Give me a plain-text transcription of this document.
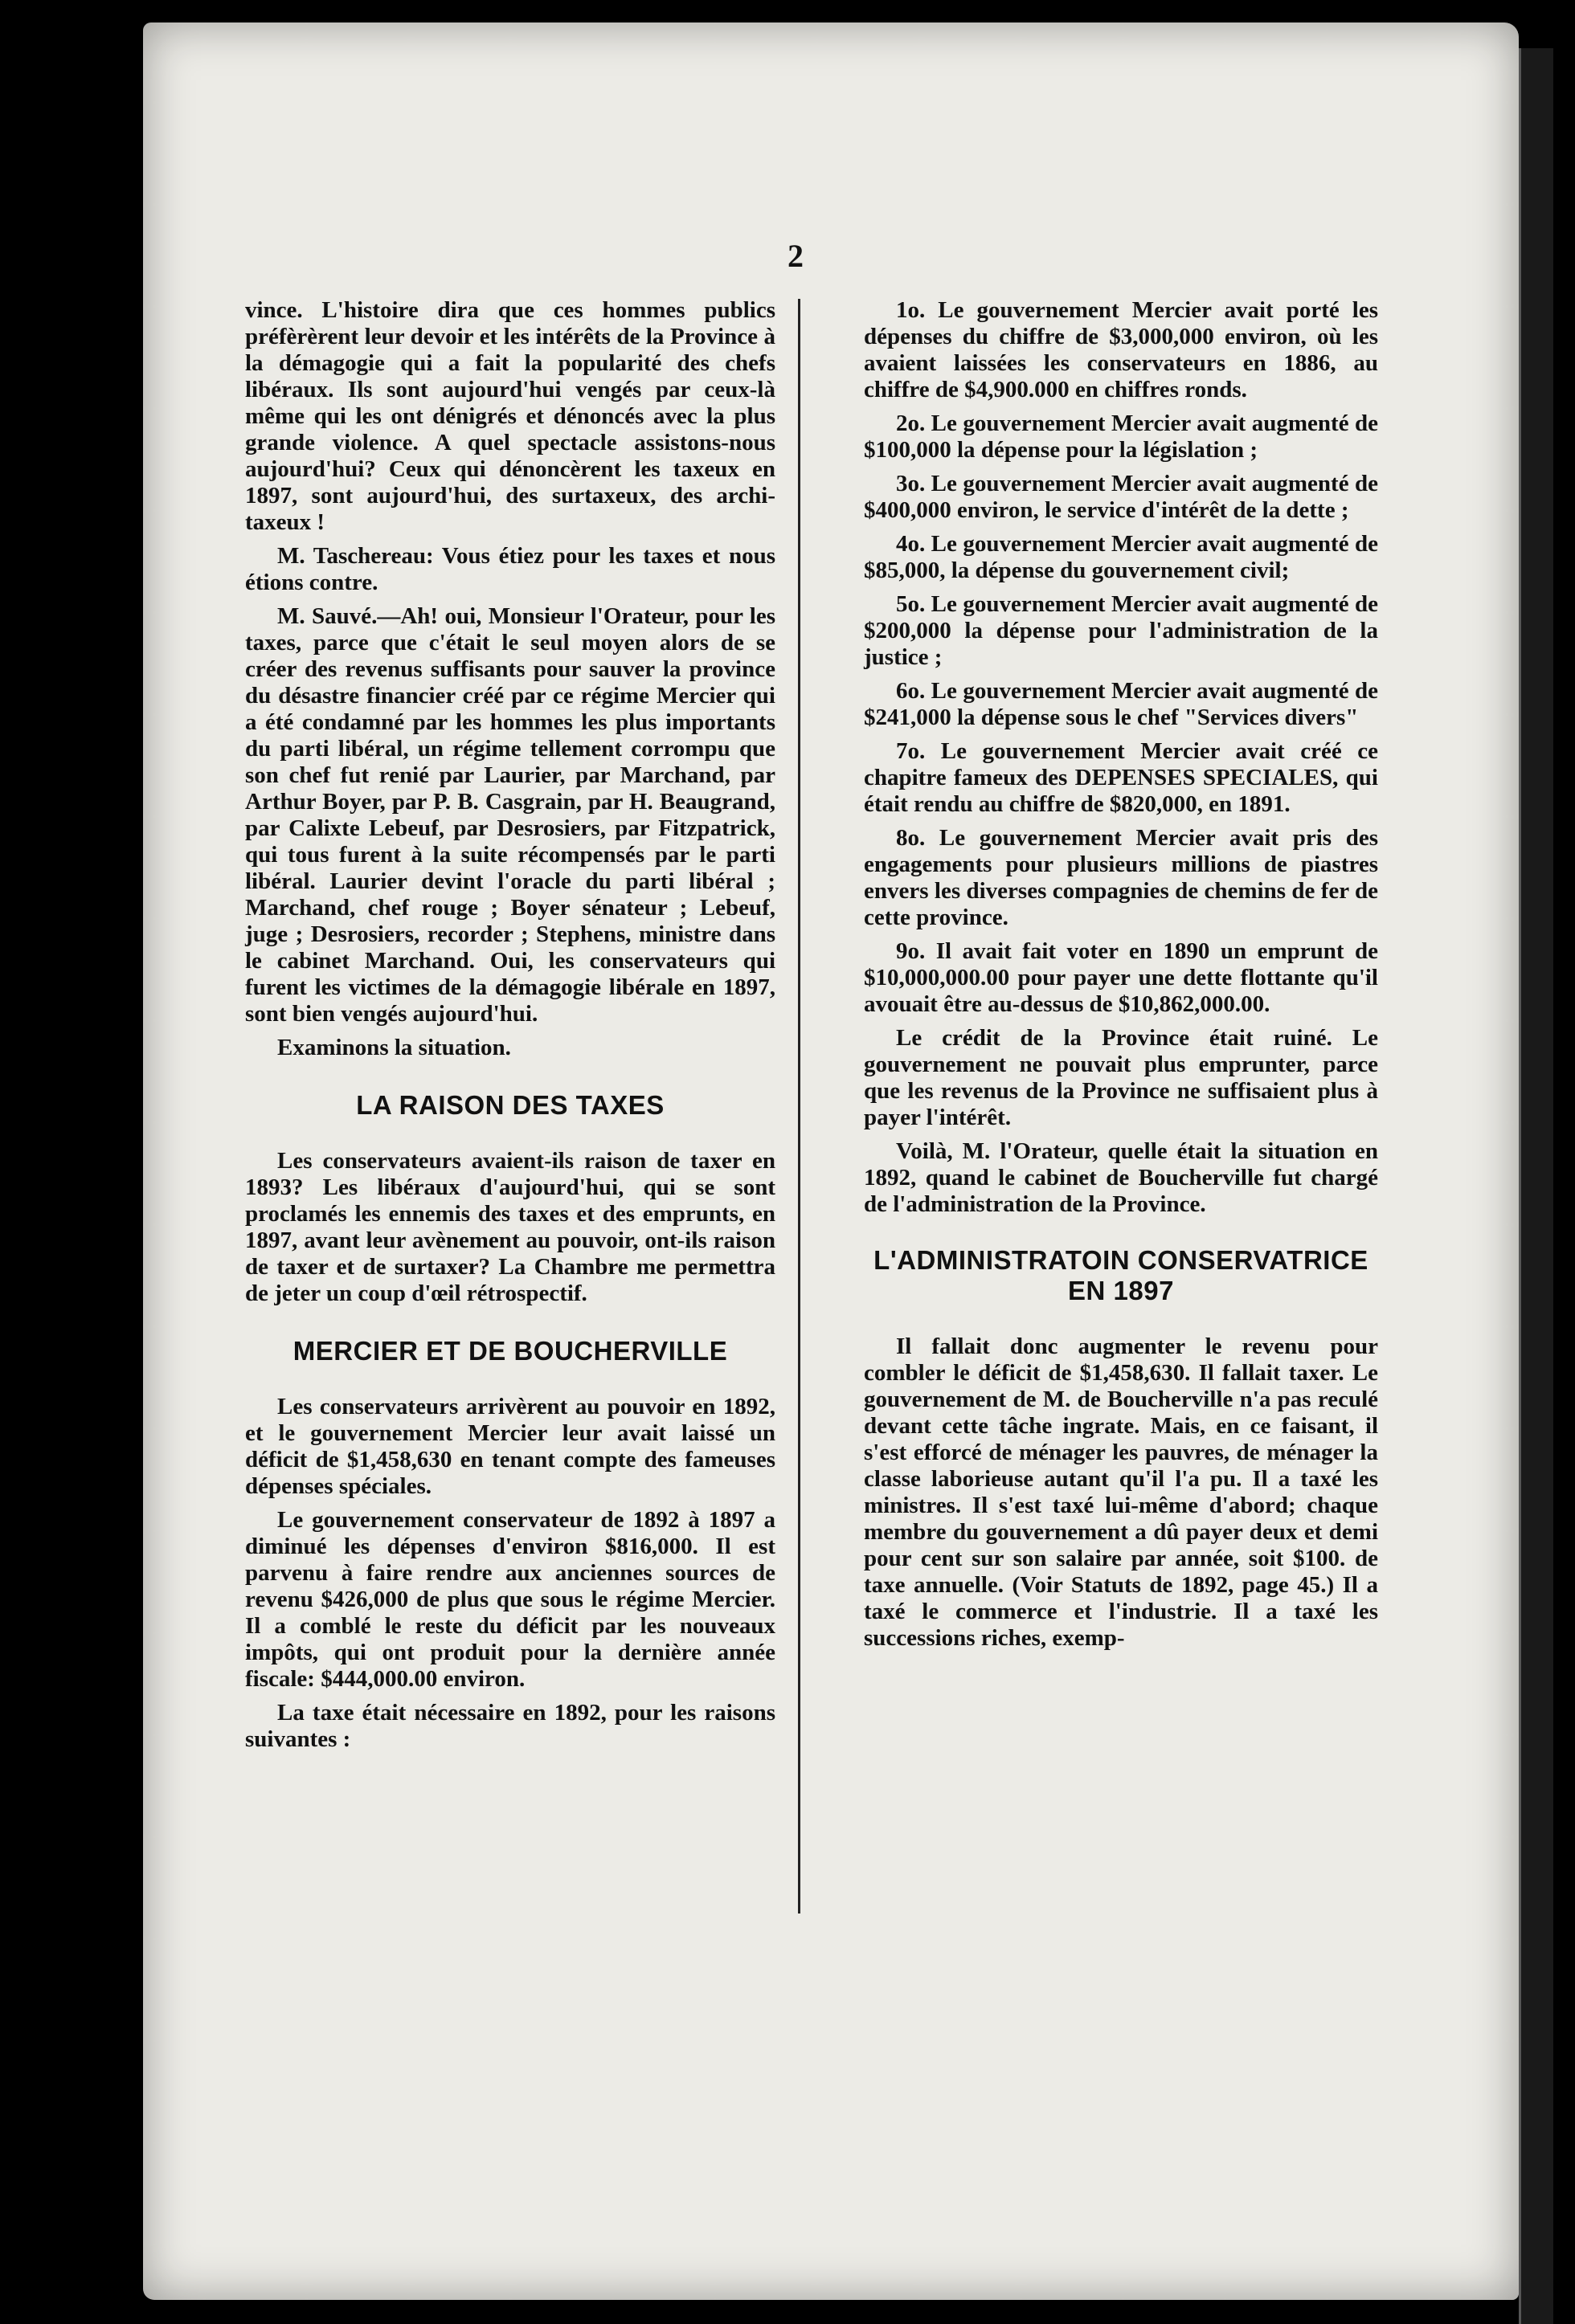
2

vince. L'histoire dira que ces hommes publics préfèrèrent leur devoir et les intérêts de la Province à la démagogie qui a fait la popularité des chefs libéraux. Ils sont aujourd'hui vengés par ceux-là même qui les ont dénigrés et dénoncés avec la plus grande violence. A quel spectacle assistons-nous aujourd'hui? Ceux qui dénoncèrent les taxeux en 1897, sont aujourd'hui, des surtaxeux, des archi-taxeux !

M. Taschereau: Vous étiez pour les taxes et nous étions contre.

M. Sauvé.—Ah! oui, Monsieur l'Orateur, pour les taxes, parce que c'était le seul moyen alors de se créer des revenus suffisants pour sauver la province du désastre financier créé par ce régime Mercier qui a été condamné par les hommes les plus importants du parti libéral, un régime tellement corrompu que son chef fut renié par Laurier, par Marchand, par Arthur Boyer, par P. B. Casgrain, par H. Beaugrand, par Calixte Lebeuf, par Desrosiers, par Fitzpatrick, qui tous furent à la suite récompensés par le parti libéral. Laurier devint l'oracle du parti libéral ; Marchand, chef rouge ; Boyer sénateur ; Lebeuf, juge ; Desrosiers, recorder ; Stephens, ministre dans le cabinet Marchand. Oui, les conservateurs qui furent les victimes de la démagogie libérale en 1897, sont bien vengés aujourd'hui.

Examinons la situation.

LA RAISON DES TAXES

Les conservateurs avaient-ils raison de taxer en 1893? Les libéraux d'aujourd'hui, qui se sont proclamés les ennemis des taxes et des emprunts, en 1897, avant leur avènement au pouvoir, ont-ils raison de taxer et de surtaxer? La Chambre me permettra de jeter un coup d'œil rétrospectif.

MERCIER ET DE BOUCHERVILLE

Les conservateurs arrivèrent au pouvoir en 1892, et le gouvernement Mercier leur avait laissé un déficit de $1,458,630 en tenant compte des fameuses dépenses spéciales.

Le gouvernement conservateur de 1892 à 1897 a diminué les dépenses d'environ $816,000. Il est parvenu à faire rendre aux anciennes sources de revenu $426,000 de plus que sous le régime Mercier. Il a comblé le reste du déficit par les nouveaux impôts, qui ont produit pour la dernière année fiscale: $444,000.00 environ.

La taxe était nécessaire en 1892, pour les raisons suivantes :

1o. Le gouvernement Mercier avait porté les dépenses du chiffre de $3,000,000 environ, où les avaient laissées les conservateurs en 1886, au chiffre de $4,900.000 en chiffres ronds.

2o. Le gouvernement Mercier avait augmenté de $100,000 la dépense pour la législation ;

3o. Le gouvernement Mercier avait augmenté de $400,000 environ, le service d'intérêt de la dette ;

4o. Le gouvernement Mercier avait augmenté de $85,000, la dépense du gouvernement civil;

5o. Le gouvernement Mercier avait augmenté de $200,000 la dépense pour l'administration de la justice ;

6o. Le gouvernement Mercier avait augmenté de $241,000 la dépense sous le chef "Services divers"

7o. Le gouvernement Mercier avait créé ce chapitre fameux des DEPENSES SPECIALES, qui était rendu au chiffre de $820,000, en 1891.

8o. Le gouvernement Mercier avait pris des engagements pour plusieurs millions de piastres envers les diverses compagnies de chemins de fer de cette province.

9o. Il avait fait voter en 1890 un emprunt de $10,000,000.00 pour payer une dette flottante qu'il avouait être au-dessus de $10,862,000.00.

Le crédit de la Province était ruiné. Le gouvernement ne pouvait plus emprunter, parce que les revenus de la Province ne suffisaient plus à payer l'intérêt.

Voilà, M. l'Orateur, quelle était la situation en 1892, quand le cabinet de Boucherville fut chargé de l'administration de la Province.

L'ADMINISTRATOIN CONSERVATRICE EN 1897

Il fallait donc augmenter le revenu pour combler le déficit de $1,458,630. Il fallait taxer. Le gouvernement de M. de Boucherville n'a pas reculé devant cette tâche ingrate. Mais, en ce faisant, il s'est efforcé de ménager les pauvres, de ménager la classe laborieuse autant qu'il l'a pu. Il a taxé les ministres. Il s'est taxé lui-même d'abord; chaque membre du gouvernement a dû payer deux et demi pour cent sur son salaire par année, soit $100. de taxe annuelle. (Voir Statuts de 1892, page 45.) Il a taxé le commerce et l'industrie. Il a taxé les successions riches, exemp-
